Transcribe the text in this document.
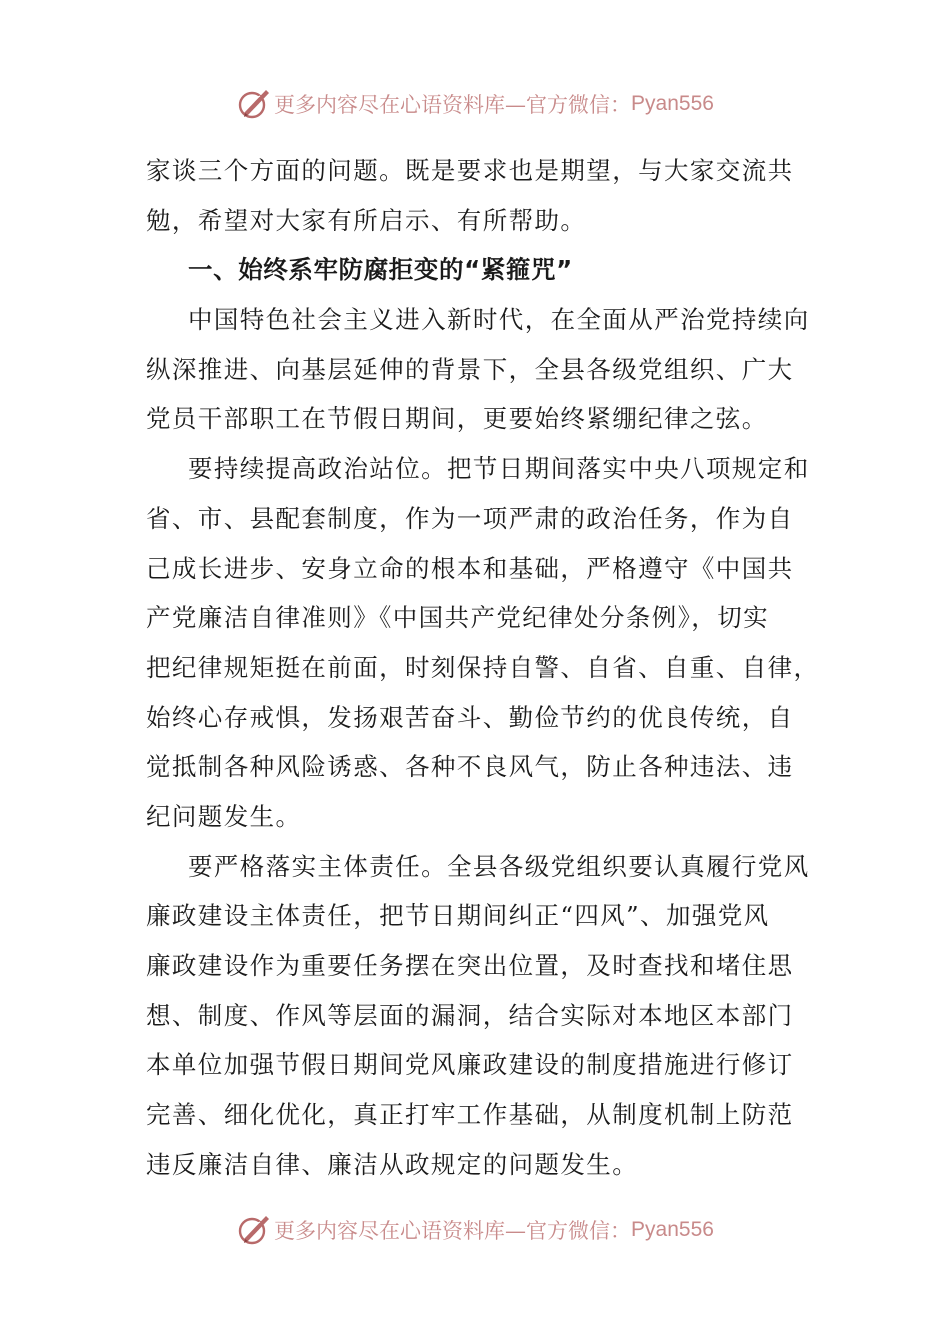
更多内容尽在心语资料库—官方微信： Pyan556
家谈三个方面的问题。既是要求也是期望，与大家交流共
勉，希望对大家有所启示、有所帮助。
一、始终系牢防腐拒变的“紧箍咒”
中国特色社会主义进入新时代，在全面从严治党持续向
纵深推进、向基层延伸的背景下，全县各级党组织、广大
党员干部职工在节假日期间，更要始终紧绷纪律之弦。
要持续提高政治站位。把节日期间落实中央八项规定和
省、市、县配套制度，作为一项严肃的政治任务，作为自
己成长进步、安身立命的根本和基础，严格遵守《中国共
产党廉洁自律准则》《中国共产党纪律处分条例》，切实
把纪律规矩挺在前面，时刻保持自警、自省、自重、自律，
始终心存戒惧，发扬艰苦奋斗、勤俭节约的优良传统，自
觉抵制各种风险诱惑、各种不良风气，防止各种违法、违
纪问题发生。
要严格落实主体责任。全县各级党组织要认真履行党风
廉政建设主体责任，把节日期间纠正“四风”、加强党风
廉政建设作为重要任务摆在突出位置，及时查找和堵住思
想、制度、作风等层面的漏洞，结合实际对本地区本部门
本单位加强节假日期间党风廉政建设的制度措施进行修订
完善、细化优化，真正打牢工作基础，从制度机制上防范
违反廉洁自律、廉洁从政规定的问题发生。
更多内容尽在心语资料库—官方微信： Pyan556
